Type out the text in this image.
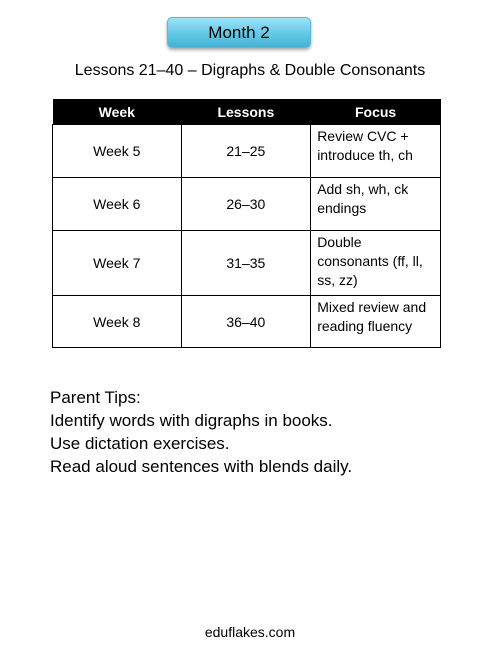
Month 2
Lessons 21–40 – Digraphs & Double Consonants
Week	Lessons	Focus
Week 5	21–25	Review CVC + introduce th, ch
Week 6	26–30	Add sh, wh, ck endings
Week 7	31–35	Double consonants (ff, ll, ss, zz)
Week 8	36–40	Mixed review and reading fluency
Parent Tips:
Identify words with digraphs in books.
Use dictation exercises.
Read aloud sentences with blends daily.
eduflakes.com
